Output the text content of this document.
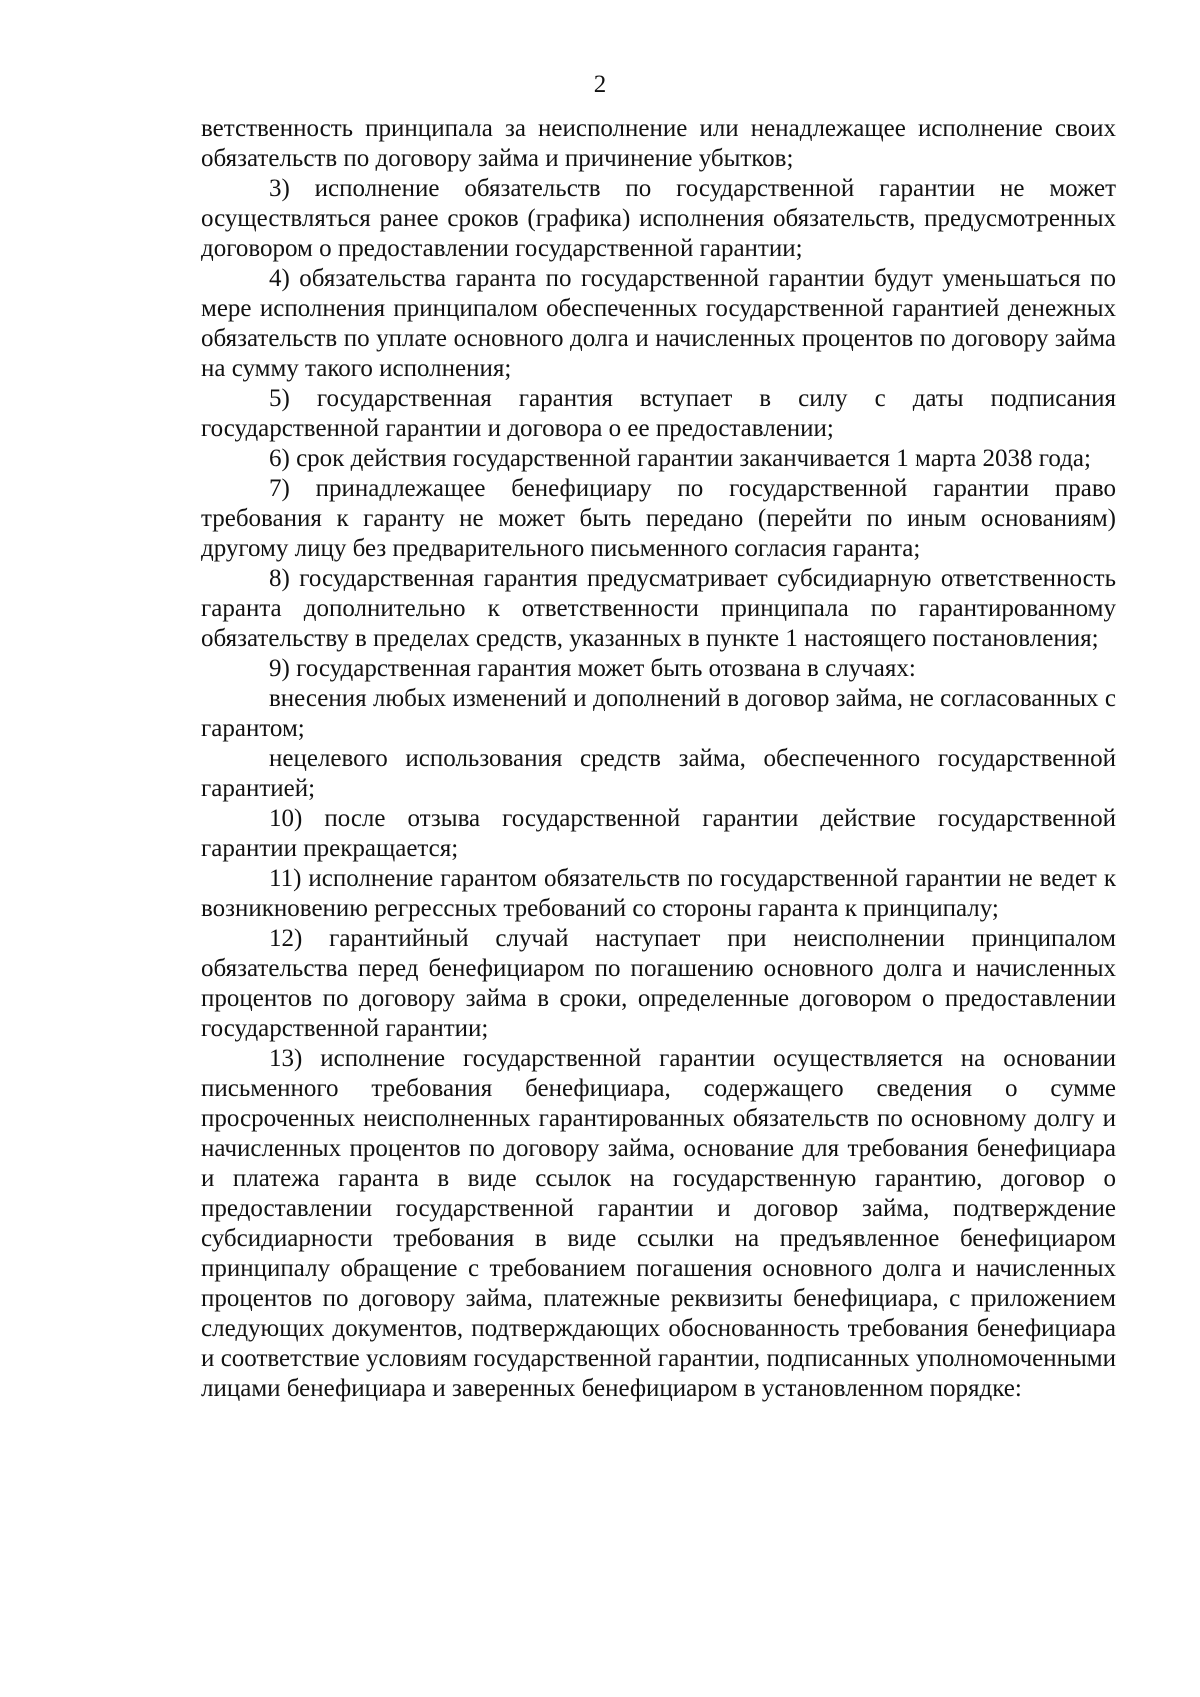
2

ветственность принципала за неисполнение или ненадлежащее исполнение своих обязательств по договору займа и причинение убытков;

3) исполнение обязательств по государственной гарантии не может осуществляться ранее сроков (графика) исполнения обязательств, предусмотренных договором о предоставлении государственной гарантии;

4) обязательства гаранта по государственной гарантии будут уменьшаться по мере исполнения принципалом обеспеченных государственной гарантией денежных обязательств по уплате основного долга и начисленных процентов по договору займа на сумму такого исполнения;

5) государственная гарантия вступает в силу с даты подписания государственной гарантии и договора о ее предоставлении;

6) срок действия государственной гарантии заканчивается 1 марта 2038 года;

7) принадлежащее бенефициару по государственной гарантии право требования к гаранту не может быть передано (перейти по иным основаниям) другому лицу без предварительного письменного согласия гаранта;

8) государственная гарантия предусматривает субсидиарную ответственность гаранта дополнительно к ответственности принципала по гарантированному обязательству в пределах средств, указанных в пункте 1 настоящего постановления;

9) государственная гарантия может быть отозвана в случаях:

внесения любых изменений и дополнений в договор займа, не согласованных с гарантом;

нецелевого использования средств займа, обеспеченного государственной гарантией;

10) после отзыва государственной гарантии действие государственной гарантии прекращается;

11) исполнение гарантом обязательств по государственной гарантии не ведет к возникновению регрессных требований со стороны гаранта к принципалу;

12) гарантийный случай наступает при неисполнении принципалом обязательства перед бенефициаром по погашению основного долга и начисленных процентов по договору займа в сроки, определенные договором о предоставлении государственной гарантии;

13) исполнение государственной гарантии осуществляется на основании письменного требования бенефициара, содержащего сведения о сумме просроченных неисполненных гарантированных обязательств по основному долгу и начисленных процентов по договору займа, основание для требования бенефициара и платежа гаранта в виде ссылок на государственную гарантию, договор о предоставлении государственной гарантии и договор займа, подтверждение субсидиарности требования в виде ссылки на предъявленное бенефициаром принципалу обращение с требованием погашения основного долга и начисленных процентов по договору займа, платежные реквизиты бенефициара, с приложением следующих документов, подтверждающих обоснованность требования бенефициара и соответствие условиям государственной гарантии, подписанных уполномоченными лицами бенефициара и заверенных бенефициаром в установленном порядке:
